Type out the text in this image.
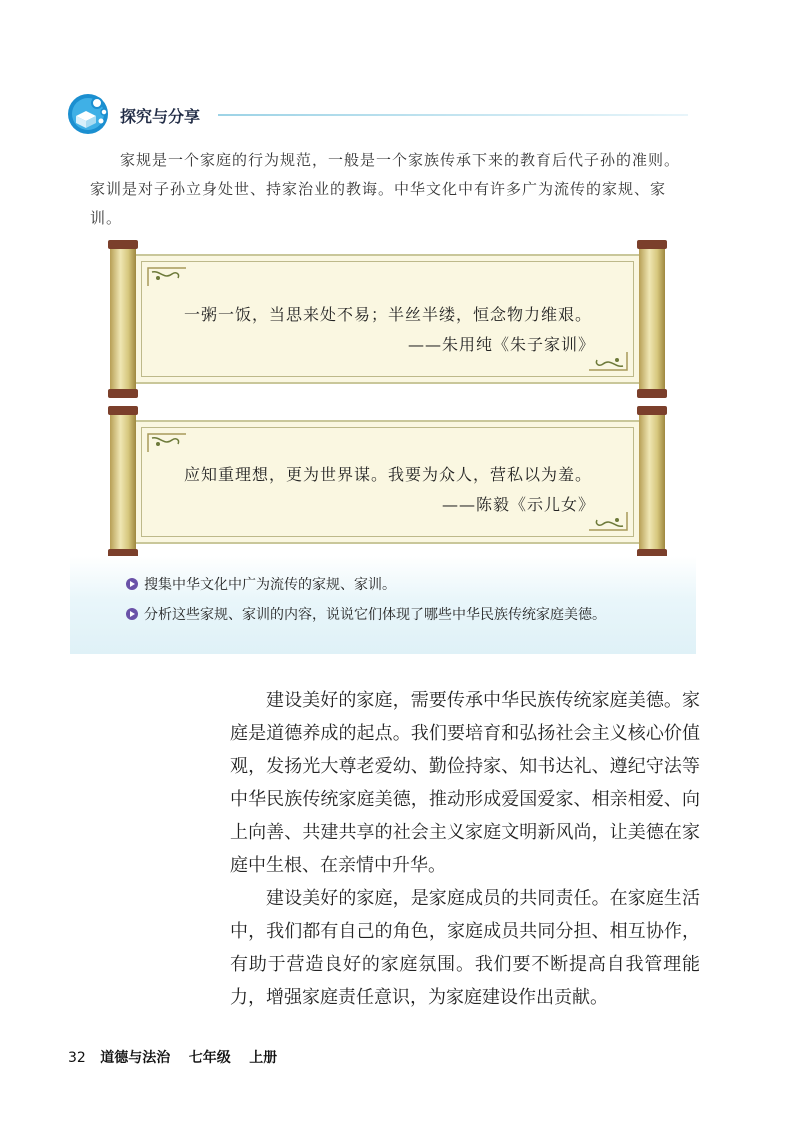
探究与分享
家规是一个家庭的行为规范，一般是一个家族传承下来的教育后代子孙的准则。家训是对子孙立身处世、持家治业的教诲。中华文化中有许多广为流传的家规、家训。
一粥一饭，当思来处不易；半丝半缕，恒念物力维艰。
——朱用纯《朱子家训》
应知重理想，更为世界谋。我要为众人，营私以为羞。
——陈毅《示儿女》
搜集中华文化中广为流传的家规、家训。
分析这些家规、家训的内容，说说它们体现了哪些中华民族传统家庭美德。

建设美好的家庭，需要传承中华民族传统家庭美德。家庭是道德养成的起点。我们要培育和弘扬社会主义核心价值观，发扬光大尊老爱幼、勤俭持家、知书达礼、遵纪守法等中华民族传统家庭美德，推动形成爱国爱家、相亲相爱、向上向善、共建共享的社会主义家庭文明新风尚，让美德在家庭中生根、在亲情中升华。

建设美好的家庭，是家庭成员的共同责任。在家庭生活中，我们都有自己的角色，家庭成员共同分担、相互协作，有助于营造良好的家庭氛围。我们要不断提高自我管理能力，增强家庭责任意识，为家庭建设作出贡献。

32 道德与法治 七年级 上册
